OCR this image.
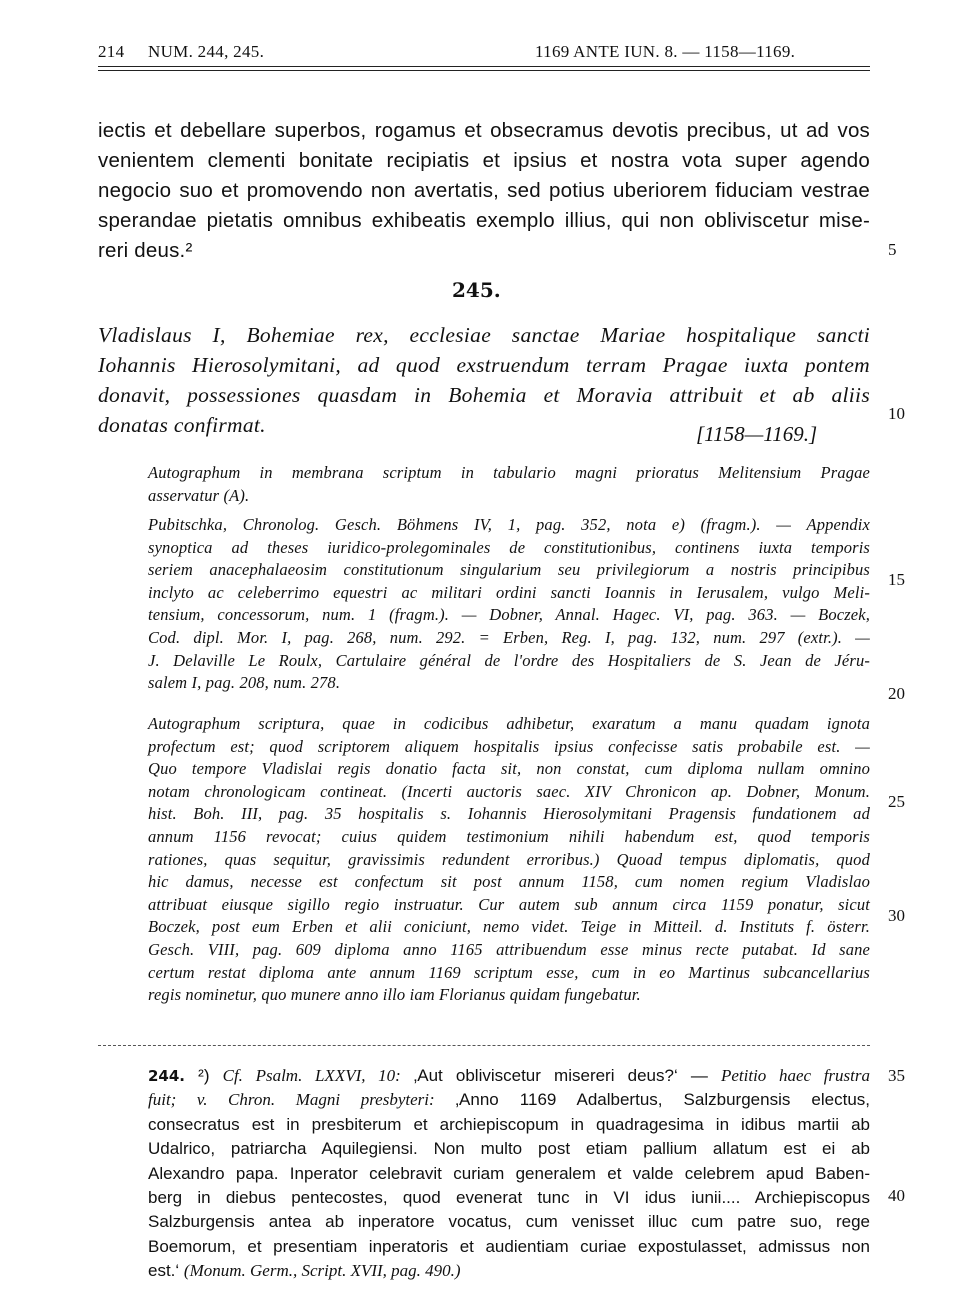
214 NUM. 244, 245.	1169 ANTE IUN. 8. — 1158—1169.
iectis et debellare superbos, rogamus et obsecramus devotis precibus, ut ad vos
venientem clementi bonitate recipiatis et ipsius et nostra vota super agendo
negocio suo et promovendo non avertatis, sed potius uberiorem fiduciam vestrae
sperandae pietatis omnibus exhibeatis exemplo illius, qui non obliviscetur mise-
reri deus.²	5
245.
Vladislaus I, Bohemiae rex, ecclesiae sanctae Mariae hospitalique sancti
Iohannis Hierosolymitani, ad quod exstruendum terram Pragae iuxta pontem
donavit, possessiones quasdam in Bohemia et Moravia attribuit et ab aliis
donatas confirmat.	[1158—1169.]
10
Autographum in membrana scriptum in tabulario magni prioratus Melitensium Pragae
asservatur (A).
Pubitschka, Chronolog. Gesch. Böhmens IV, 1, pag. 352, nota e) (fragm.). — Appendix
synoptica ad theses iuridico-prolegominales de constitutionibus, continens iuxta temporis
seriem anacephalaeosim constitutionum singularium seu privilegiorum a nostris principibus
inclyto ac celeberrimo equestri ac militari ordini sancti Ioannis in Ierusalem, vulgo Meli-
tensium, concessorum, num. 1 (fragm.). — Dobner, Annal. Hagec. VI, pag. 363. — Boczek,
Cod. dipl. Mor. I, pag. 268, num. 292. = Erben, Reg. I, pag. 132, num. 297 (extr.). —
J. Delaville Le Roulx, Cartulaire général de l'ordre des Hospitaliers de S. Jean de Jéru-
salem I, pag. 208, num. 278.
15
20
Autographum scriptura, quae in codicibus adhibetur, exaratum a manu quadam ignota
profectum est; quod scriptorem aliquem hospitalis ipsius confecisse satis probabile est. —
Quo tempore Vladislai regis donatio facta sit, non constat, cum diploma nullam omnino
notam chronologicam contineat. (Incerti auctoris saec. XIV Chronicon ap. Dobner, Monum.
hist. Boh. III, pag. 35 hospitalis s. Iohannis Hierosolymitani Pragensis fundationem ad
annum 1156 revocat; cuius quidem testimonium nihili habendum est, quod temporis
rationes, quas sequitur, gravissimis redundent erroribus.) Quoad tempus diplomatis, quod
hic damus, necesse est confectum sit post annum 1158, cum nomen regium Vladislao
attribuat eiusque sigillo regio instruatur. Cur autem sub annum circa 1159 ponatur, sicut
Boczek, post eum Erben et alii coniciunt, nemo videt. Teige in Mitteil. d. Instituts f. österr.
Gesch. VIII, pag. 609 diploma anno 1165 attribuendum esse minus recte putabat. Id sane
certum restat diploma ante annum 1169 scriptum esse, cum in eo Martinus subcancellarius
regis nominetur, quo munere anno illo iam Florianus quidam fungebatur.
25
30
244. ²) Cf. Psalm. LXXVI, 10: ‚Aut obliviscetur misereri deus?‘ — Petitio haec frustra
fuit; v. Chron. Magni presbyteri: ‚Anno 1169 Adalbertus, Salzburgensis electus,
consecratus est in presbiterum et archiepiscopum in quadragesima in idibus martii ab
Udalrico, patriarcha Aquilegiensi. Non multo post etiam pallium allatum est ei ab
Alexandro papa. Inperator celebravit curiam generalem et valde celebrem apud Baben-
berg in diebus pentecostes, quod evenerat tunc in VI idus iunii.... Archiepiscopus
Salzburgensis antea ab inperatore vocatus, cum venisset illuc cum patre suo, rege
Boemorum, et presentiam inperatoris et audientiam curiae expostulasset, admissus non
est.‘ (Monum. Germ., Script. XVII, pag. 490.)
35
40
